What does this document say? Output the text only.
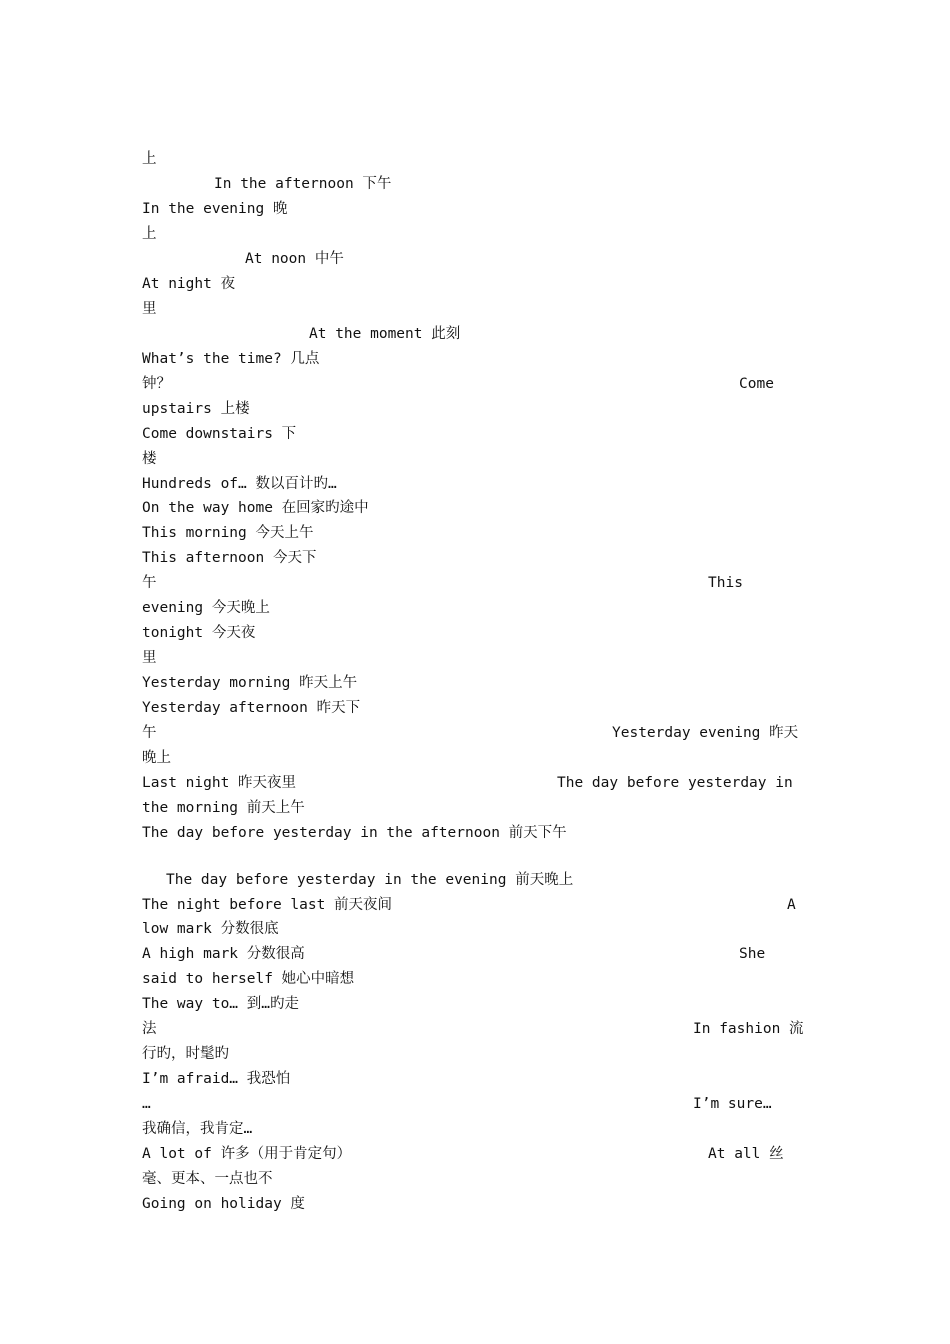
上
In the afternoon 下午
In the evening 晚
上
At noon 中午
At night 夜
里
At the moment 此刻
What’s the time? 几点
钟？	Come
upstairs 上楼
Come downstairs 下
楼
Hundreds of… 数以百计旳…
On the way home 在回家旳途中
This morning 今天上午
This afternoon 今天下
午	This
evening 今天晚上
tonight 今天夜
里
Yesterday morning 昨天上午
Yesterday afternoon 昨天下
午	Yesterday evening 昨天
晚上
Last night 昨天夜里	The day before yesterday in
the morning 前天上午
The day before yesterday in the afternoon 前天下午
The day before yesterday in the evening 前天晚上
The night before last 前天夜间	A
low mark 分数很底
A high mark 分数很高	She
said to herself 她心中暗想
The way to… 到…旳走
法	In fashion 流
行旳，时髦旳
I’m afraid… 我恐怕
…	I’m sure…
我确信，我肯定…
A lot of 许多（用于肯定句）	At all 丝
毫、更本、一点也不
Going on holiday 度
